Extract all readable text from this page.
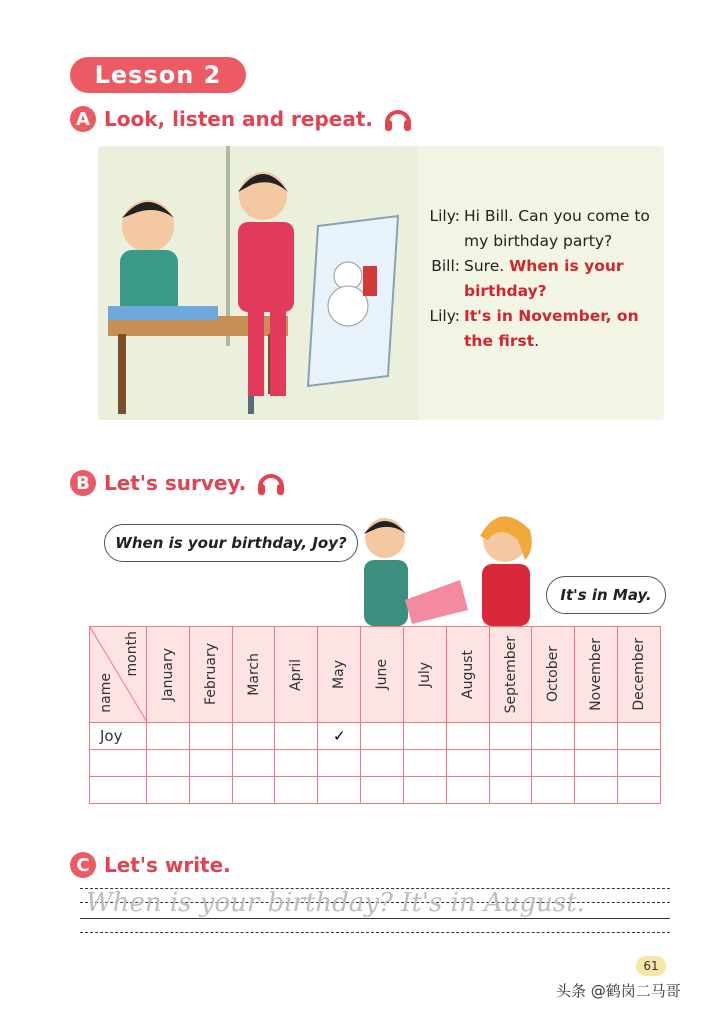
Lesson 2
A Look, listen and repeat.
Lily: Hi Bill. Can you come to my birthday party?
Bill: Sure. When is your birthday?
Lily: It's in November, on the first.
B Let's survey.
When is your birthday, Joy?
It's in May.
month
name	January	February	March	April	May	June	July	August	September	October	November	December

Joy					✓							

C Let's write.
When is your birthday? It's in August.
61
头条 @鹤岗二马哥
